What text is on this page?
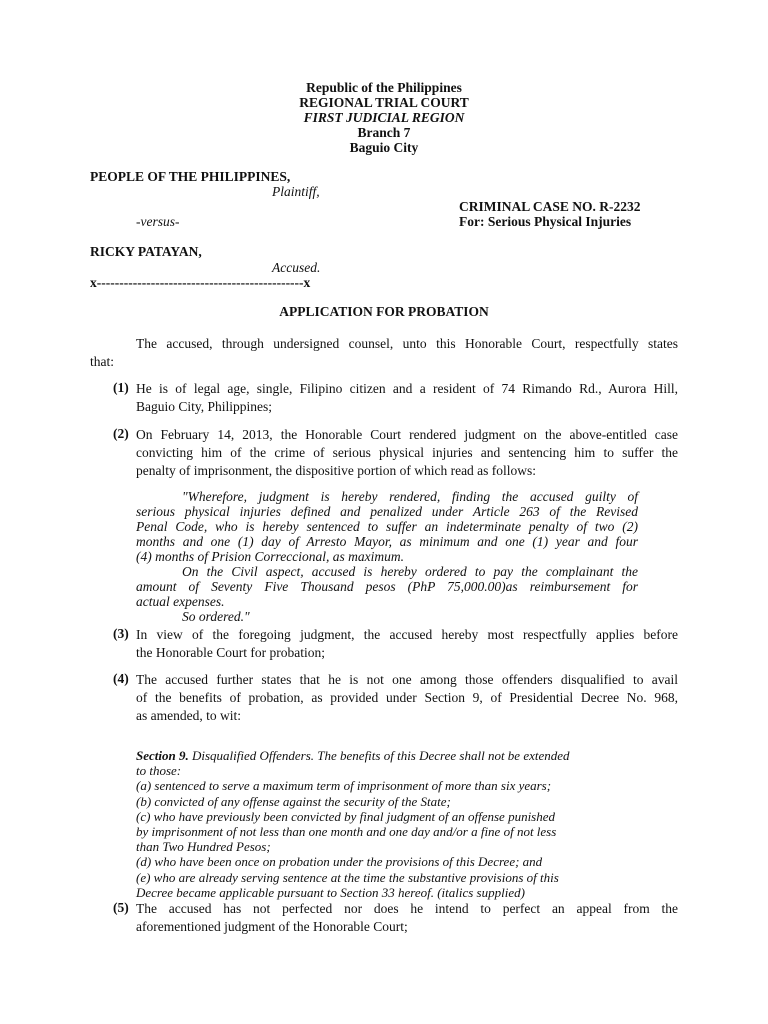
Republic of the Philippines
REGIONAL TRIAL COURT
FIRST JUDICIAL REGION
Branch 7
Baguio City
PEOPLE OF THE PHILIPPINES,
Plaintiff,
CRIMINAL CASE NO. R-2232
-versus-	For: Serious Physical Injuries
RICKY PATAYAN,
Accused.
x----------------------------------------------x
APPLICATION FOR PROBATION
The accused, through undersigned counsel, unto this Honorable Court, respectfully states
that:
(1) He is of legal age, single, Filipino citizen and a resident of 74 Rimando Rd., Aurora Hill,
Baguio City, Philippines;
(2) On February 14, 2013, the Honorable Court rendered judgment on the above-entitled case
convicting him of the crime of serious physical injuries and sentencing him to suffer the
penalty of imprisonment, the dispositive portion of which read as follows:
"Wherefore, judgment is hereby rendered, finding the accused guilty of
serious physical injuries defined and penalized under Article 263 of the Revised
Penal Code, who is hereby sentenced to suffer an indeterminate penalty of two (2)
months and one (1) day of Arresto Mayor, as minimum and one (1) year and four
(4) months of Prision Correccional, as maximum.
On the Civil aspect, accused is hereby ordered to pay the complainant the
amount of Seventy Five Thousand pesos (PhP 75,000.00)as reimbursement for
actual expenses.
So ordered."
(3) In view of the foregoing judgment, the accused hereby most respectfully applies before
the Honorable Court for probation;
(4) The accused further states that he is not one among those offenders disqualified to avail
of the benefits of probation, as provided under Section 9, of Presidential Decree No. 968,
as amended, to wit:
Section 9. Disqualified Offenders. The benefits of this Decree shall not be extended
to those:
(a) sentenced to serve a maximum term of imprisonment of more than six years;
(b) convicted of any offense against the security of the State;
(c) who have previously been convicted by final judgment of an offense punished
by imprisonment of not less than one month and one day and/or a fine of not less
than Two Hundred Pesos;
(d) who have been once on probation under the provisions of this Decree; and
(e) who are already serving sentence at the time the substantive provisions of this
Decree became applicable pursuant to Section 33 hereof. (italics supplied)
(5) The accused has not perfected nor does he intend to perfect an appeal from the
aforementioned judgment of the Honorable Court;
